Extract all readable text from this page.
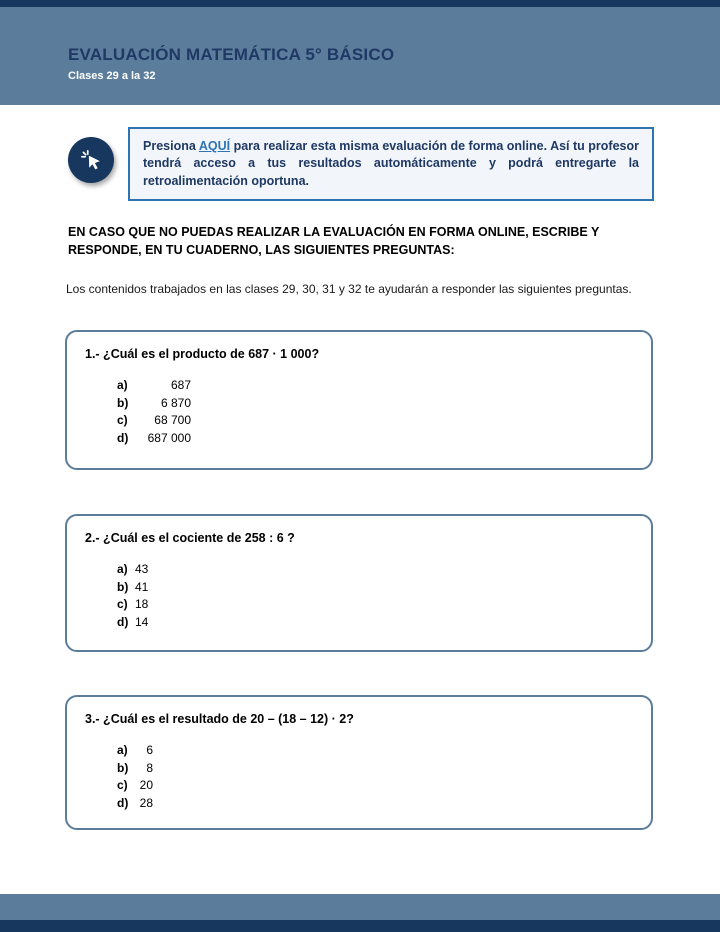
EVALUACIÓN MATEMÁTICA 5° BÁSICO
Clases 29 a la 32
Presiona AQUÍ para realizar esta misma evaluación de forma online. Así tu profesor tendrá acceso a tus resultados automáticamente y podrá entregarte la retroalimentación oportuna.
EN CASO QUE NO PUEDAS REALIZAR LA EVALUACIÓN EN FORMA ONLINE, ESCRIBE Y RESPONDE, EN TU CUADERNO, LAS SIGUIENTES PREGUNTAS:
Los contenidos trabajados en las clases 29, 30, 31 y 32 te ayudarán a responder las siguientes preguntas.
1.- ¿Cuál es el producto de 687 · 1 000?
a)	687
b)	6 870
c) 68 700
d) 687 000
2.- ¿Cuál es el cociente de 258 : 6 ?
a) 43
b) 41
c) 18
d) 14
3.- ¿Cuál es el resultado de 20 – (18 – 12) · 2?
a) 6
b) 8
c) 20
d) 28
